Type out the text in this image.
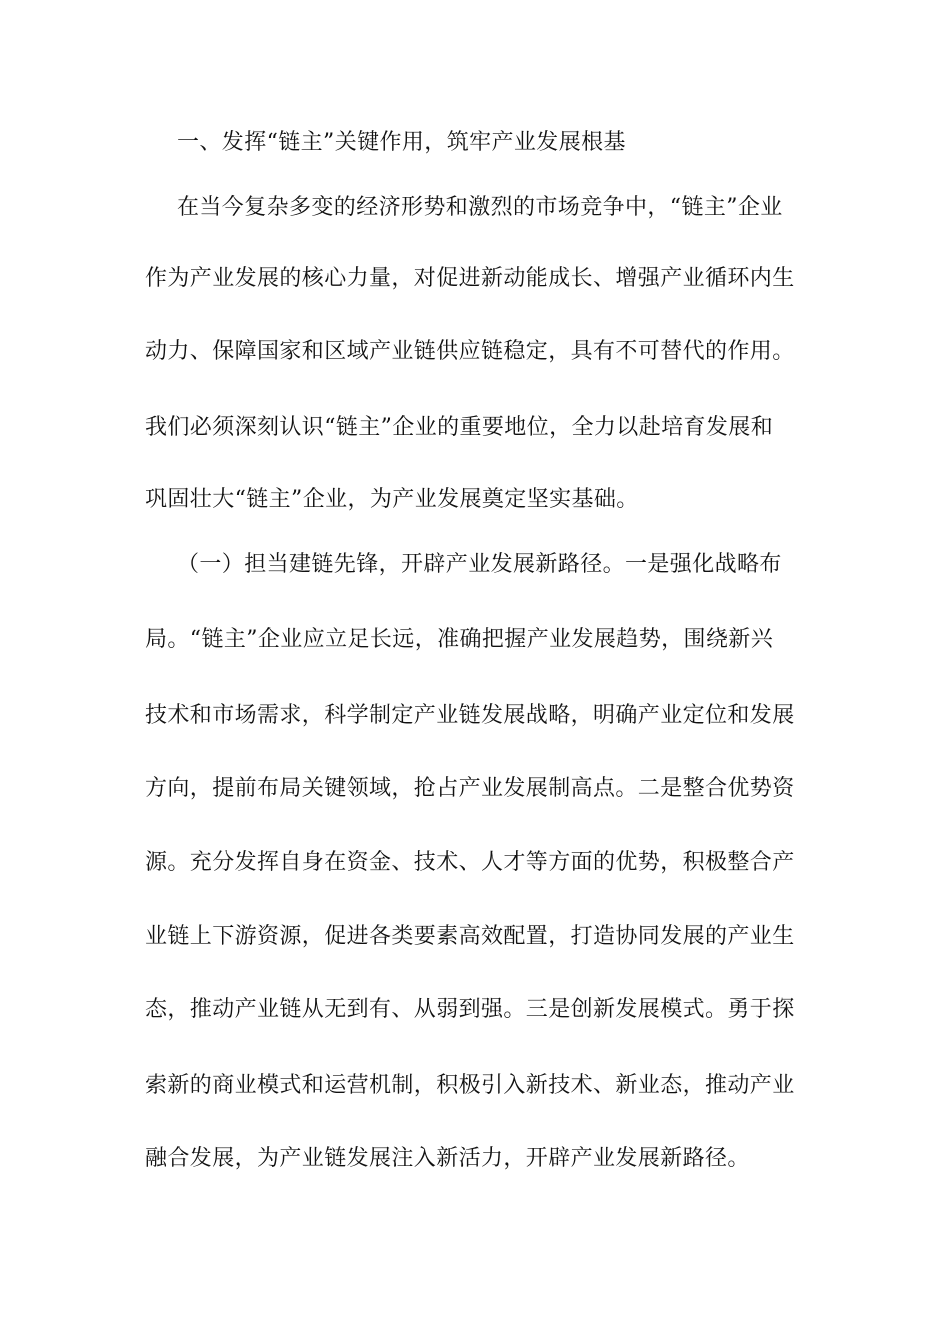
一、发挥“链主”关键作用，筑牢产业发展根基
在当今复杂多变的经济形势和激烈的市场竞争中，“链主”企业
作为产业发展的核心力量，对促进新动能成长、增强产业循环内生
动力、保障国家和区域产业链供应链稳定，具有不可替代的作用。
我们必须深刻认识“链主”企业的重要地位，全力以赴培育发展和
巩固壮大“链主”企业，为产业发展奠定坚实基础。
（一）担当建链先锋，开辟产业发展新路径。一是强化战略布
局。“链主”企业应立足长远，准确把握产业发展趋势，围绕新兴
技术和市场需求，科学制定产业链发展战略，明确产业定位和发展
方向，提前布局关键领域，抢占产业发展制高点。二是整合优势资
源。充分发挥自身在资金、技术、人才等方面的优势，积极整合产
业链上下游资源，促进各类要素高效配置，打造协同发展的产业生
态，推动产业链从无到有、从弱到强。三是创新发展模式。勇于探
索新的商业模式和运营机制，积极引入新技术、新业态，推动产业
融合发展，为产业链发展注入新活力，开辟产业发展新路径。
